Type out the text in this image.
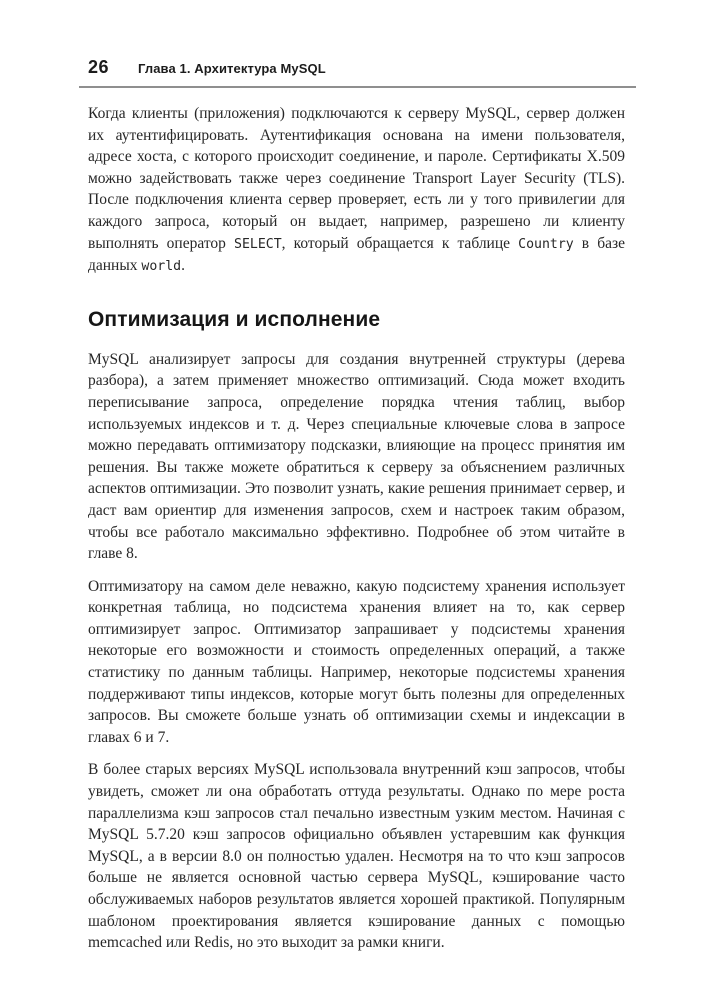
26 Глава 1. Архитектура MySQL

Когда клиенты (приложения) подключаются к серверу MySQL, сервер должен их аутентифицировать. Аутентификация основана на имени пользователя, адресе хоста, с которого происходит соединение, и пароле. Сертификаты X.509 можно задействовать также через соединение Transport Layer Security (TLS). После подключения клиента сервер проверяет, есть ли у того привилегии для каждого запроса, который он выдает, например, разрешено ли клиенту выполнять оператор SELECT, который обращается к таблице Country в базе данных world.

Оптимизация и исполнение

MySQL анализирует запросы для создания внутренней структуры (дерева разбора), а затем применяет множество оптимизаций. Сюда может входить переписывание запроса, определение порядка чтения таблиц, выбор используемых индексов и т. д. Через специальные ключевые слова в запросе можно передавать оптимизатору подсказки, влияющие на процесс принятия им решения. Вы также можете обратиться к серверу за объяснением различных аспектов оптимизации. Это позволит узнать, какие решения принимает сервер, и даст вам ориентир для изменения запросов, схем и настроек таким образом, чтобы все работало максимально эффективно. Подробнее об этом читайте в главе 8.

Оптимизатору на самом деле неважно, какую подсистему хранения использует конкретная таблица, но подсистема хранения влияет на то, как сервер оптимизирует запрос. Оптимизатор запрашивает у подсистемы хранения некоторые его возможности и стоимость определенных операций, а также статистику по данным таблицы. Например, некоторые подсистемы хранения поддерживают типы индексов, которые могут быть полезны для определенных запросов. Вы сможете больше узнать об оптимизации схемы и индексации в главах 6 и 7.

В более старых версиях MySQL использовала внутренний кэш запросов, чтобы увидеть, сможет ли она обработать оттуда результаты. Однако по мере роста параллелизма кэш запросов стал печально известным узким местом. Начиная с MySQL 5.7.20 кэш запросов официально объявлен устаревшим как функция MySQL, а в версии 8.0 он полностью удален. Несмотря на то что кэш запросов больше не является основной частью сервера MySQL, кэширование часто обслуживаемых наборов результатов является хорошей практикой. Популярным шаблоном проектирования является кэширование данных с помощью memcached или Redis, но это выходит за рамки книги.
